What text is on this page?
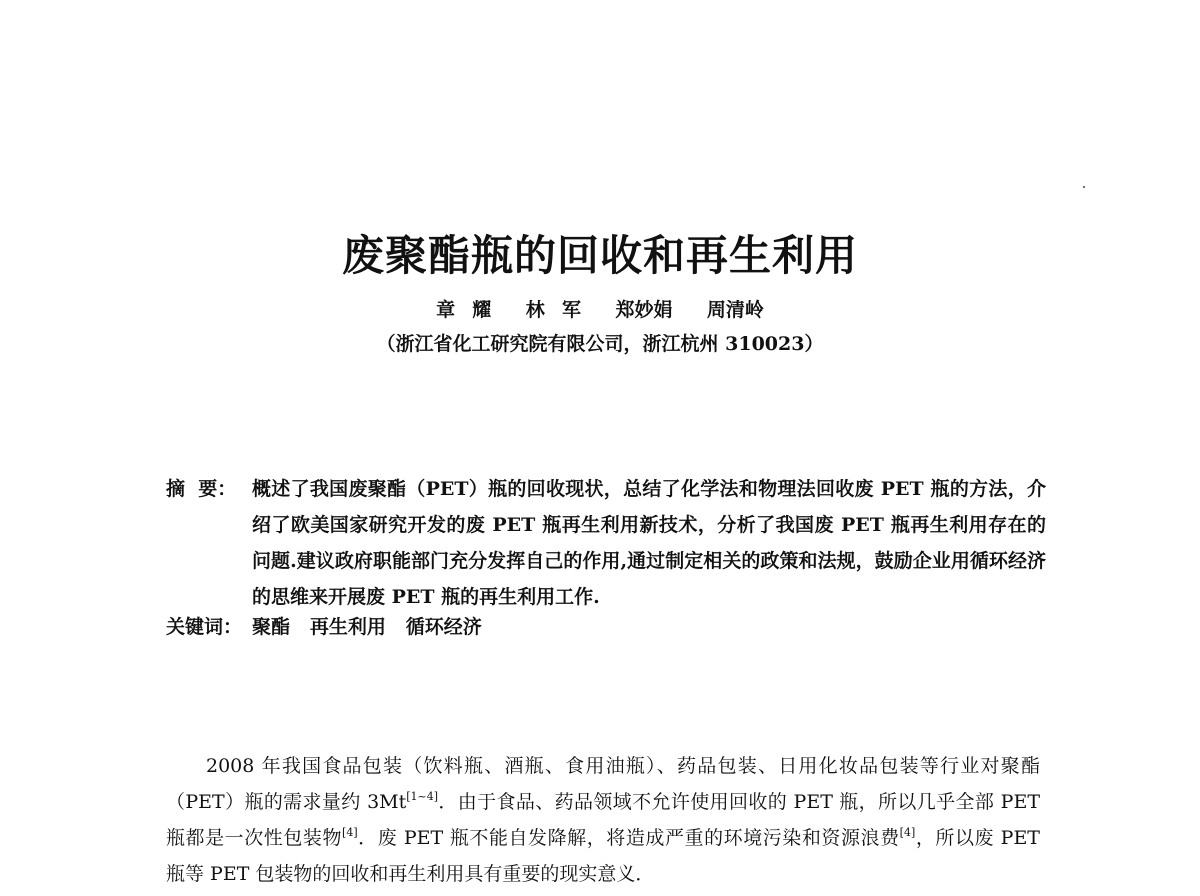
废聚酯瓶的回收和再生利用
章  耀    林  军    郑妙娟    周清岭
（浙江省化工研究院有限公司，浙江杭州 310023）
摘  要： 概述了我国废聚酯（PET）瓶的回收现状，总结了化学法和物理法回收废 PET 瓶的方法，介绍了欧美国家研究开发的废 PET 瓶再生利用新技术，分析了我国废 PET 瓶再生利用存在的问题.建议政府职能部门充分发挥自己的作用,通过制定相关的政策和法规，鼓励企业用循环经济的思维来开展废 PET 瓶的再生利用工作.
关键词： 聚酯   再生利用   循环经济

2008 年我国食品包装（饮料瓶、酒瓶、食用油瓶）、药品包装、日用化妆品包装等行业对聚酯（PET）瓶的需求量约 3Mt[1~4]．由于食品、药品领域不允许使用回收的 PET 瓶，所以几乎全部 PET 瓶都是一次性包装物[4]．废 PET 瓶不能自发降解，将造成严重的环境污染和资源浪费[4]，所以废 PET 瓶等 PET 包装物的回收和再生利用具有重要的现实意义．
